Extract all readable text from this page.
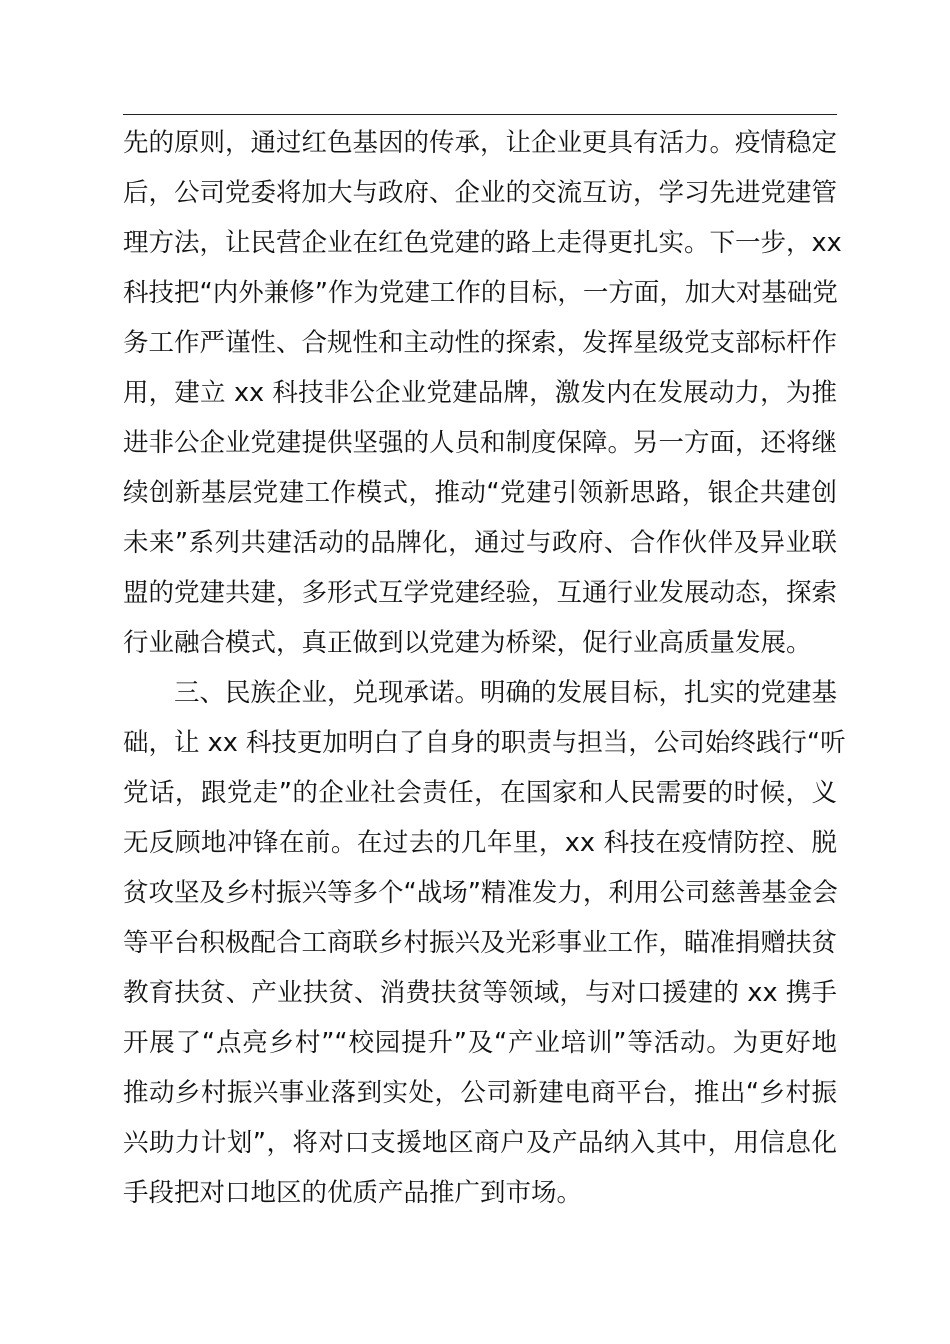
先的原则，通过红色基因的传承，让企业更具有活力。疫情稳定
后，公司党委将加大与政府、企业的交流互访，学习先进党建管
理方法，让民营企业在红色党建的路上走得更扎实。下一步，xx
科技把“内外兼修”作为党建工作的目标，一方面，加大对基础党
务工作严谨性、合规性和主动性的探索，发挥星级党支部标杆作
用，建立 xx 科技非公企业党建品牌，激发内在发展动力，为推
进非公企业党建提供坚强的人员和制度保障。另一方面，还将继
续创新基层党建工作模式，推动“党建引领新思路，银企共建创
未来”系列共建活动的品牌化，通过与政府、合作伙伴及异业联
盟的党建共建，多形式互学党建经验，互通行业发展动态，探索
行业融合模式，真正做到以党建为桥梁，促行业高质量发展。
三、民族企业，兑现承诺。明确的发展目标，扎实的党建基
础，让 xx 科技更加明白了自身的职责与担当，公司始终践行“听
党话，跟党走”的企业社会责任，在国家和人民需要的时候，义
无反顾地冲锋在前。在过去的几年里，xx 科技在疫情防控、脱
贫攻坚及乡村振兴等多个“战场”精准发力，利用公司慈善基金会
等平台积极配合工商联乡村振兴及光彩事业工作，瞄准捐赠扶贫
教育扶贫、产业扶贫、消费扶贫等领域，与对口援建的 xx 携手
开展了“点亮乡村”“校园提升”及“产业培训”等活动。为更好地
推动乡村振兴事业落到实处，公司新建电商平台，推出“乡村振
兴助力计划”，将对口支援地区商户及产品纳入其中，用信息化
手段把对口地区的优质产品推广到市场。
